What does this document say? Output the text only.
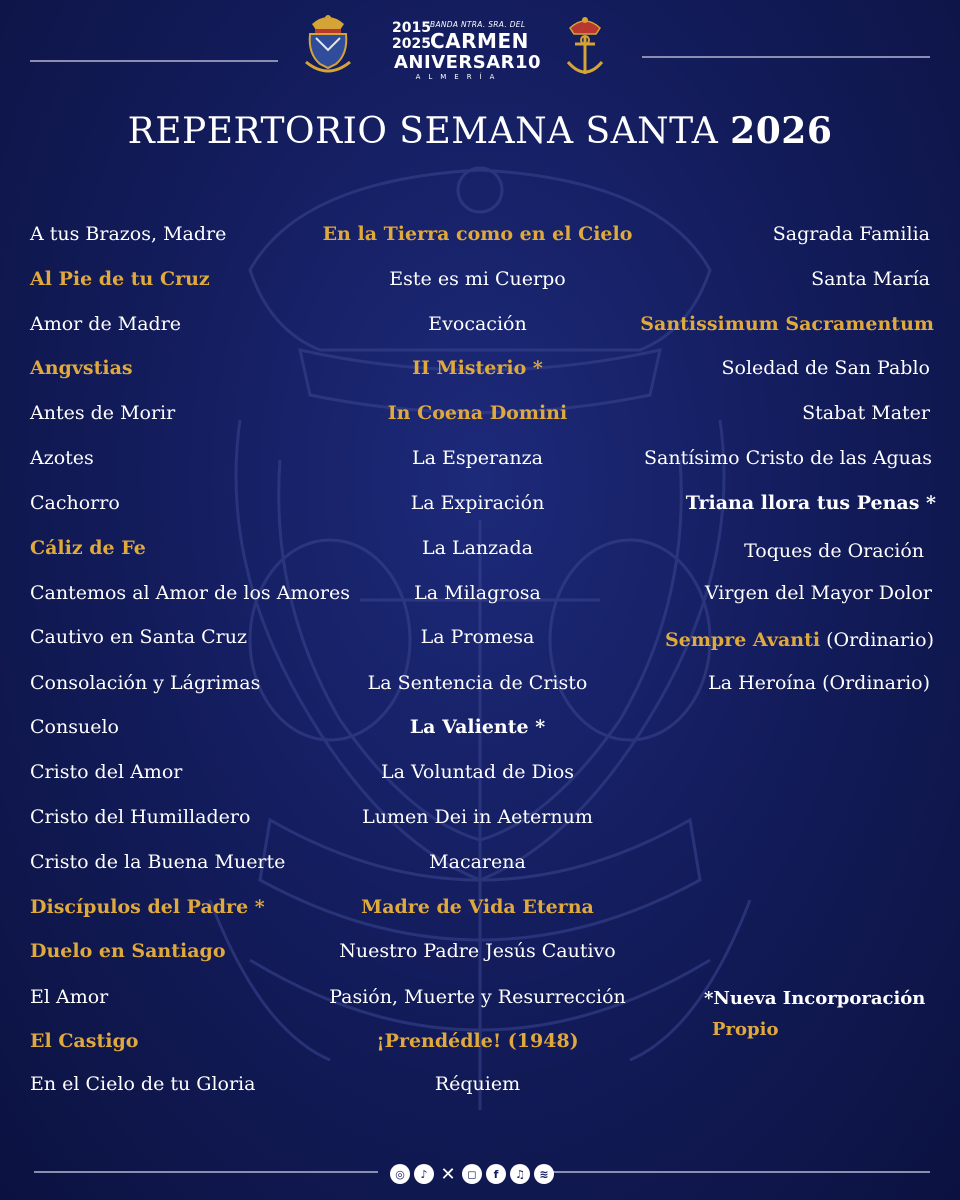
2015
2025
BANDA NTRA. SRA. DEL
CARMEN
ANIVERSAR10
ALMERÍA
REPERTORIO SEMANA SANTA 2026
A tus Brazos, Madre
Al Pie de tu Cruz
Amor de Madre
Angvstias
Antes de Morir
Azotes
Cachorro
Cáliz de Fe
Cantemos al Amor de los Amores
Cautivo en Santa Cruz
Consolación y Lágrimas
Consuelo
Cristo del Amor
Cristo del Humilladero
Cristo de la Buena Muerte
Discípulos del Padre *
Duelo en Santiago
El Amor
El Castigo
En el Cielo de tu Gloria
En la Tierra como en el Cielo
Este es mi Cuerpo
Evocación
II Misterio *
In Coena Domini
La Esperanza
La Expiración
La Lanzada
La Milagrosa
La Promesa
La Sentencia de Cristo
La Valiente *
La Voluntad de Dios
Lumen Dei in Aeternum
Macarena
Madre de Vida Eterna
Nuestro Padre Jesús Cautivo
Pasión, Muerte y Resurrección
¡Prendédle! (1948)
Réquiem
Sagrada Familia
Santa María
Santissimum Sacramentum
Soledad de San Pablo
Stabat Mater
Santísimo Cristo de las Aguas
Triana llora tus Penas *
Toques de Oración
Virgen del Mayor Dolor
Sempre Avanti (Ordinario)
La Heroína (Ordinario)
*Nueva Incorporación
Propio
◎	♪ ✕	◻	f	♫	≋
